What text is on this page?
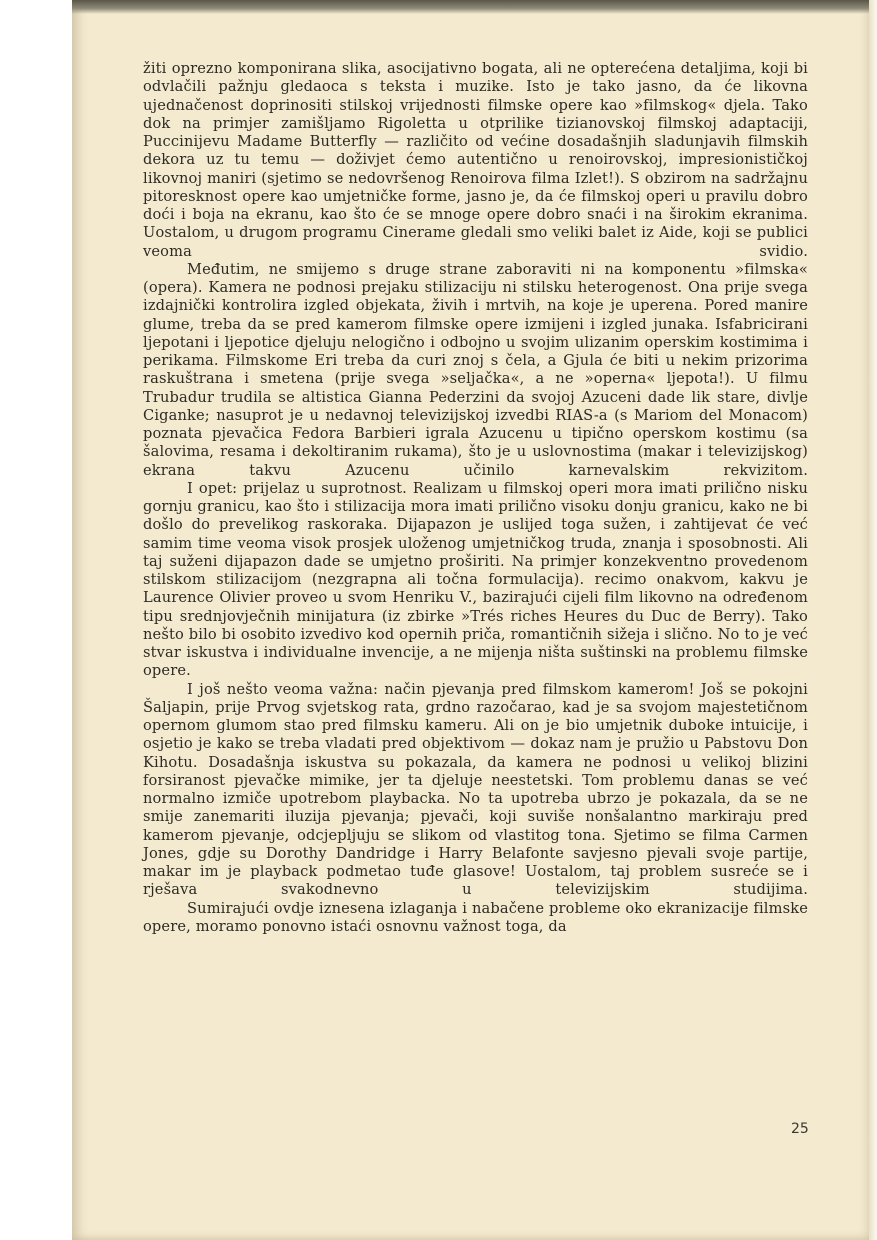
žiti oprezno komponirana slika, asocijativno bogata, ali ne opterećena detaljima, koji bi odvlačili pažnju gledaoca s teksta i muzike. Isto je tako jasno, da će likovna ujednačenost doprinositi stilskoj vrijednosti filmske opere kao »filmskog« djela. Tako dok na primjer zamišljamo Rigoletta u otprilike tizianovskoj filmskoj adaptaciji, Puccinijevu Madame Butterfly — različito od većine dosadašnjih sladunjavih filmskih dekora uz tu temu — doživjet ćemo autentično u renoirovskoj, impresionističkoj likovnoj maniri (sjetimo se nedovršenog Renoirova filma Izlet!). S obzirom na sadržajnu pitoresknost opere kao umjetničke forme, jasno je, da će filmskoj operi u pravilu dobro doći i boja na ekranu, kao što će se mnoge opere dobro snaći i na širokim ekranima. Uostalom, u drugom programu Cinerame gledali smo veliki balet iz Aide, koji se publici veoma svidio.

Međutim, ne smijemo s druge strane zaboraviti ni na komponentu »filmska« (opera). Kamera ne podnosi prejaku stilizaciju ni stilsku heterogenost. Ona prije svega izdajnički kontrolira izgled objekata, živih i mrtvih, na koje je uperena. Pored manire glume, treba da se pred kamerom filmske opere izmijeni i izgled junaka. Isfabricirani ljepotani i ljepotice djeluju nelogično i odbojno u svojim ulizanim operskim kostimima i perikama. Filmskome Eri treba da curi znoj s čela, a Gjula će biti u nekim prizorima raskuštrana i smetena (prije svega »seljačka«, a ne »operna« ljepota!). U filmu Trubadur trudila se altistica Gianna Pederzini da svojoj Azuceni dade lik stare, divlje Ciganke; nasuprot je u nedavnoj televizijskoj izvedbi RIAS-a (s Mariom del Monacom) poznata pjevačica Fedora Barbieri igrala Azucenu u tipično operskom kostimu (sa šalovima, resama i dekoltiranim rukama), što je u uslovnostima (makar i televizijskog) ekrana takvu Azucenu učinilo karnevalskim rekvizitom.

I opet: prijelaz u suprotnost. Realizam u filmskoj operi mora imati prilično nisku gornju granicu, kao što i stilizacija mora imati prilično visoku donju granicu, kako ne bi došlo do prevelikog raskoraka. Dijapazon je uslijed toga sužen, i zahtijevat će već samim time veoma visok prosjek uloženog umjetničkog truda, znanja i sposobnosti. Ali taj suženi dijapazon dade se umjetno proširiti. Na primjer konzekventno provedenom stilskom stilizacijom (nezgrapna ali točna formulacija). recimo onakvom, kakvu je Laurence Olivier proveo u svom Henriku V., bazirajući cijeli film likovno na određenom tipu srednjovječnih minijatura (iz zbirke »Trés riches Heures du Duc de Berry). Tako nešto bilo bi osobito izvedivo kod opernih priča, romantičnih sižeja i slično. No to je već stvar iskustva i individualne invencije, a ne mijenja ništa suštinski na problemu filmske opere.

I još nešto veoma važna: način pjevanja pred filmskom kamerom! Još se pokojni Šaljapin, prije Prvog svjetskog rata, grdno razočarao, kad je sa svojom majestetičnom opernom glumom stao pred filmsku kameru. Ali on je bio umjetnik duboke intuicije, i osjetio je kako se treba vladati pred objektivom — dokaz nam je pružio u Pabstovu Don Kihotu. Dosadašnja iskustva su pokazala, da kamera ne podnosi u velikoj blizini forsiranost pjevačke mimike, jer ta djeluje neestetski. Tom problemu danas se već normalno izmiče upotrebom playbacka. No ta upotreba ubrzo je pokazala, da se ne smije zanemariti iluzija pjevanja; pjevači, koji suviše nonšalantno markiraju pred kamerom pjevanje, odcjepljuju se slikom od vlastitog tona. Sjetimo se filma Carmen Jones, gdje su Dorothy Dandridge i Harry Belafonte savjesno pjevali svoje partije, makar im je playback podmetao tuđe glasove! Uostalom, taj problem susreće se i rješava svakodnevno u televizijskim studijima.

Sumirajući ovdje iznesena izlaganja i nabačene probleme oko ekranizacije filmske opere, moramo ponovno istaći osnovnu važnost toga, da

25
